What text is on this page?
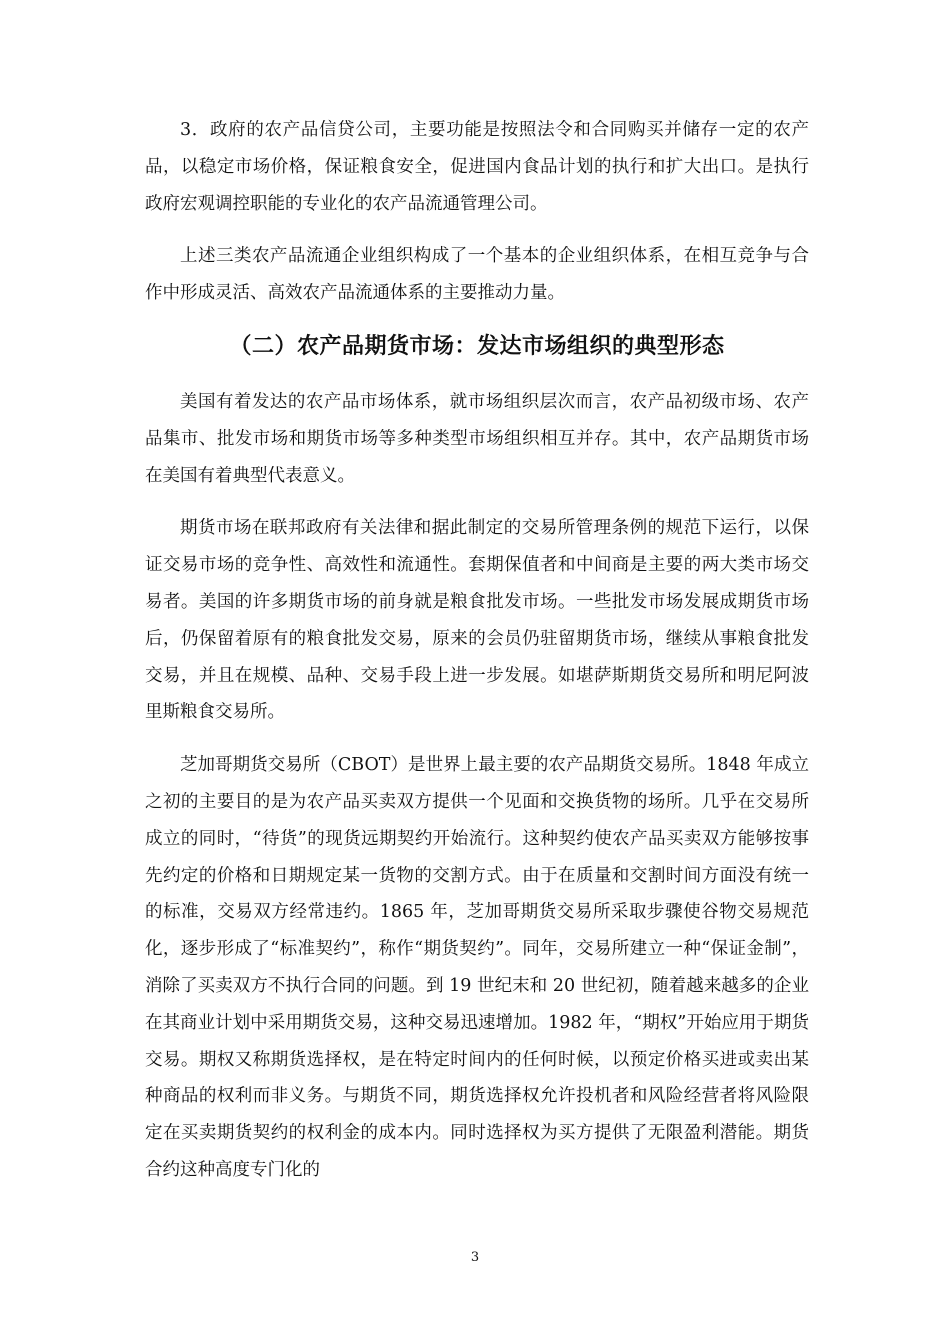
3．政府的农产品信贷公司，主要功能是按照法令和合同购买并储存一定的农产品，以稳定市场价格，保证粮食安全，促进国内食品计划的执行和扩大出口。是执行政府宏观调控职能的专业化的农产品流通管理公司。

上述三类农产品流通企业组织构成了一个基本的企业组织体系，在相互竞争与合作中形成灵活、高效农产品流通体系的主要推动力量。

（二）农产品期货市场：发达市场组织的典型形态

美国有着发达的农产品市场体系，就市场组织层次而言，农产品初级市场、农产品集市、批发市场和期货市场等多种类型市场组织相互并存。其中，农产品期货市场在美国有着典型代表意义。

期货市场在联邦政府有关法律和据此制定的交易所管理条例的规范下运行，以保证交易市场的竞争性、高效性和流通性。套期保值者和中间商是主要的两大类市场交易者。美国的许多期货市场的前身就是粮食批发市场。一些批发市场发展成期货市场后，仍保留着原有的粮食批发交易，原来的会员仍驻留期货市场，继续从事粮食批发交易，并且在规模、品种、交易手段上进一步发展。如堪萨斯期货交易所和明尼阿波里斯粮食交易所。

芝加哥期货交易所（CBOT）是世界上最主要的农产品期货交易所。1848 年成立之初的主要目的是为农产品买卖双方提供一个见面和交换货物的场所。几乎在交易所成立的同时，“待货”的现货远期契约开始流行。这种契约使农产品买卖双方能够按事先约定的价格和日期规定某一货物的交割方式。由于在质量和交割时间方面没有统一的标准，交易双方经常违约。1865 年，芝加哥期货交易所采取步骤使谷物交易规范化，逐步形成了“标准契约”，称作“期货契约”。同年，交易所建立一种“保证金制”，消除了买卖双方不执行合同的问题。到 19 世纪末和 20 世纪初，随着越来越多的企业在其商业计划中采用期货交易，这种交易迅速增加。1982 年，“期权”开始应用于期货交易。期权又称期货选择权，是在特定时间内的任何时候，以预定价格买进或卖出某种商品的权利而非义务。与期货不同，期货选择权允许投机者和风险经营者将风险限定在买卖期货契约的权利金的成本内。同时选择权为买方提供了无限盈利潜能。期货合约这种高度专门化的

3
